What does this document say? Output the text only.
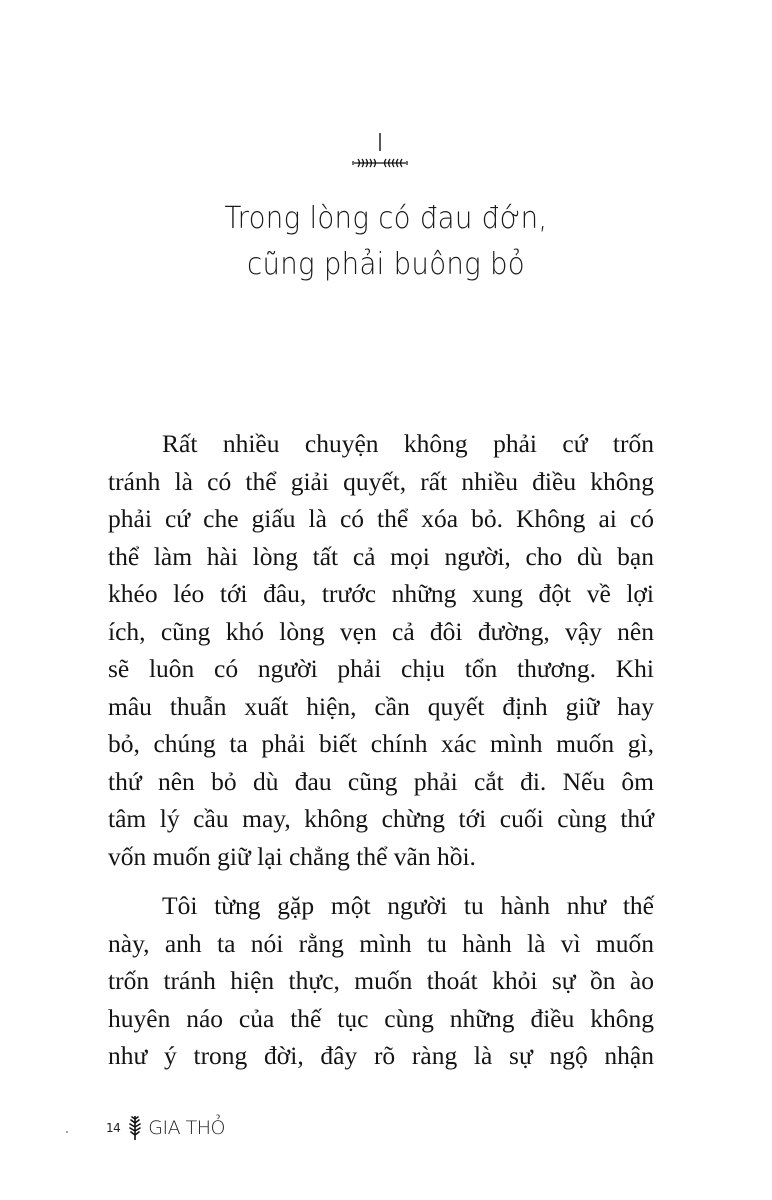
Trong lòng có đau đớn,
cũng phải buông bỏ
Rất nhiều chuyện không phải cứ trốn
tránh là có thể giải quyết, rất nhiều điều không
phải cứ che giấu là có thể xóa bỏ. Không ai có
thể làm hài lòng tất cả mọi người, cho dù bạn
khéo léo tới đâu, trước những xung đột về lợi
ích, cũng khó lòng vẹn cả đôi đường, vậy nên
sẽ luôn có người phải chịu tổn thương. Khi
mâu thuẫn xuất hiện, cần quyết định giữ hay
bỏ, chúng ta phải biết chính xác mình muốn gì,
thứ nên bỏ dù đau cũng phải cắt đi. Nếu ôm
tâm lý cầu may, không chừng tới cuối cùng thứ
vốn muốn giữ lại chẳng thể vãn hồi.
Tôi từng gặp một người tu hành như thế
này, anh ta nói rằng mình tu hành là vì muốn
trốn tránh hiện thực, muốn thoát khỏi sự ồn ào
huyên náo của thế tục cùng những điều không
như ý trong đời, đây rõ ràng là sự ngộ nhận
14 GIA THỎ
